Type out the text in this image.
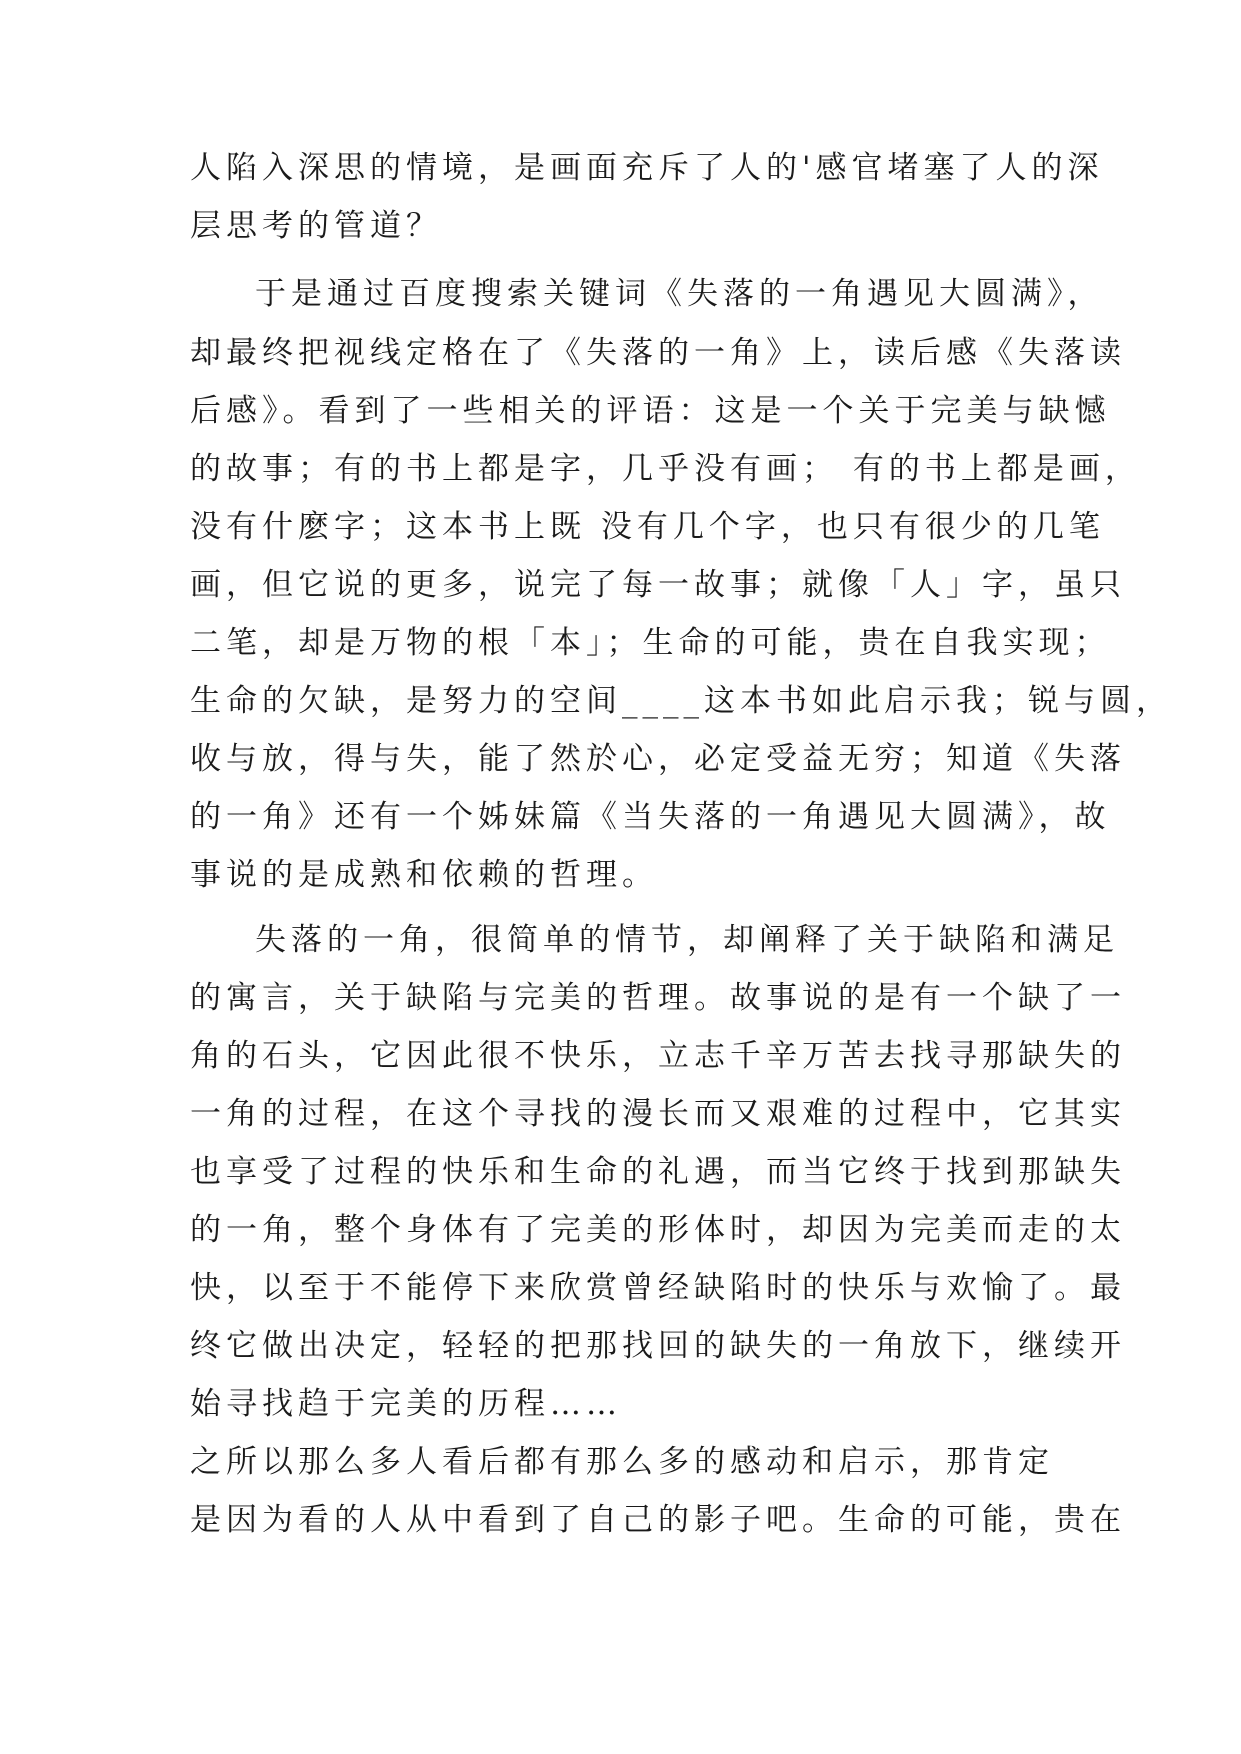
人陷入深思的情境，是画面充斥了人的'感官堵塞了人的深

层思考的管道？

于是通过百度搜索关键词《失落的一角遇见大圆满》，

却最终把视线定格在了《失落的一角》上，读后感《失落读

后感》。看到了一些相关的评语：这是一个关于完美与缺憾

的故事；有的书上都是字，几乎没有画； 有的书上都是画，

没有什麽字；这本书上既 没有几个字，也只有很少的几笔

画，但它说的更多，说完了每一故事；就像「人」字，虽只

二笔，却是万物的根「本」；生命的可能，贵在自我实现；

生命的欠缺，是努力的空间____这本书如此启示我；锐与圆，

收与放，得与失，能了然於心，必定受益无穷；知道《失落

的一角》还有一个姊妹篇《当失落的一角遇见大圆满》，故

事说的是成熟和依赖的哲理。

失落的一角，很简单的情节，却阐释了关于缺陷和满足

的寓言，关于缺陷与完美的哲理。故事说的是有一个缺了一

角的石头，它因此很不快乐，立志千辛万苦去找寻那缺失的

一角的过程，在这个寻找的漫长而又艰难的过程中，它其实

也享受了过程的快乐和生命的礼遇，而当它终于找到那缺失

的一角，整个身体有了完美的形体时，却因为完美而走的太

快，以至于不能停下来欣赏曾经缺陷时的快乐与欢愉了。最

终它做出决定，轻轻的把那找回的缺失的一角放下，继续开

始寻找趋于完美的历程……

之所以那么多人看后都有那么多的感动和启示，那肯定

是因为看的人从中看到了自己的影子吧。生命的可能，贵在
